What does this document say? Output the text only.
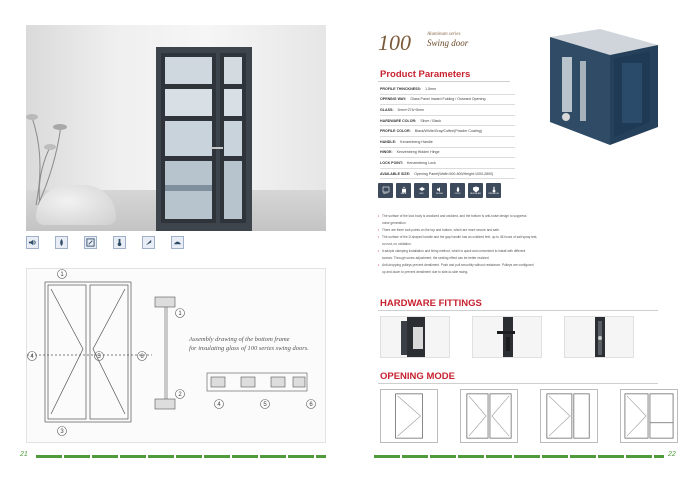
1
4	5	6
3
1
2
4	5	6
Assembly drawing of the bottom frame
for insulating glass of 100 series swing doors.
21
100	Aluminum series
Swing door
Product Parameters
PROFILE THINCKNESS: 1.5mm
OPENING WAY: Glass Panel Inward Folding / Outward Opening
GLASS: 5mm+27A+5mm
HARDWARE COLOR: Silver / Black
PROFILE COLOR: Black/White/Gray/Coffee(Powder Coating)
HANDLE: Kenzenbeng Handle
HINGE: Kenzenbeng Hidden Hinge
LOCK POINT: Kenzenbeng Lock
AVAILABLE SIZE: Opening Panel(Width:500-800/Height:1000-2800)
MFT	SAFE	BRI	NOISE	COLD	BURGLAR	PREMIUM
• The surface of the lock body is anodized and oxidized, and the bottom is anti-noise design to suppress
noise generation.
• There are three lock points on the top and bottom, which are more secure and safe.
• The surface of the D-shaped handle and the gap handle has an oxidized feel, up to 48 hours of salt spray test,
no rust, no oxidation.
• It adopts clamping installation and fixing method, which is quick and convenient to install with different
screws. Through screw adjustment, the sealing effect can be better realized.
• Anti-dropping pulleys prevent derailment. Push and pull smoothly without resistance. Pulleys are configured
up and down to prevent derailment due to side-to-side swing.
HARDWARE FITTINGS
OPENING MODE
22
